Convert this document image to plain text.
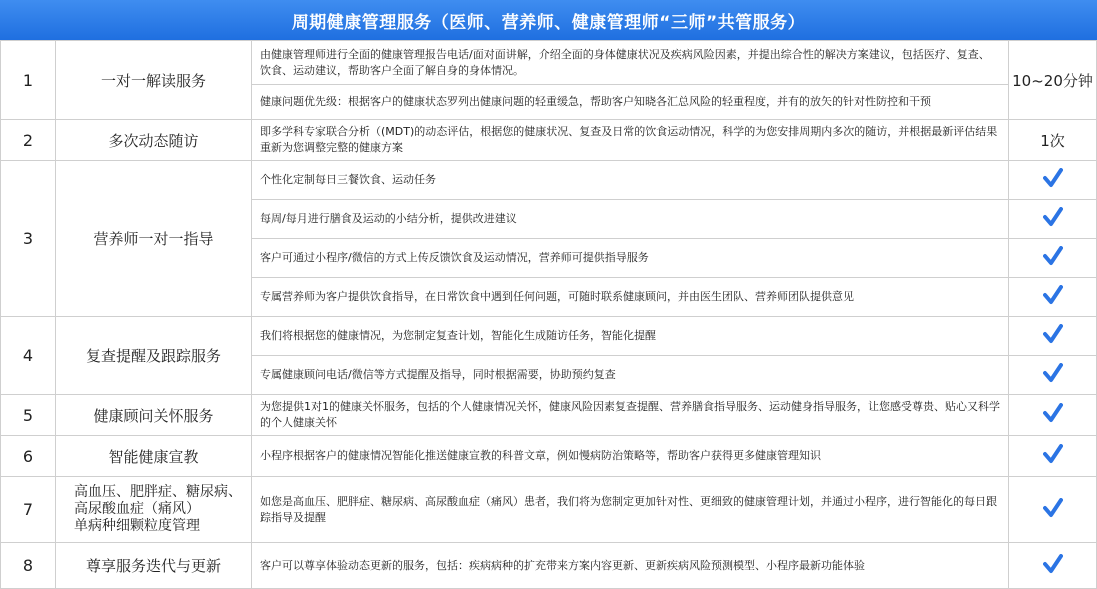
周期健康管理服务（医师、营养师、健康管理师“三师”共管服务）
1	一对一解读服务	由健康管理师进行全面的健康管理报告电话/面对面讲解，介绍全面的身体健康状况及疾病风险因素，并提出综合性的解决方案建议，包括医疗、复查、饮食、运动建议，帮助客户全面了解自身的身体情况。	10~20分钟
		健康问题优先级：根据客户的健康状态罗列出健康问题的轻重缓急，帮助客户知晓各汇总风险的轻重程度，并有的放矢的针对性防控和干预	
2	多次动态随访	即多学科专家联合分析（(MDT)的动态评估，根据您的健康状况、复查及日常的饮食运动情况，科学的为您安排周期内多次的随访，并根据最新评估结果重新为您调整完整的健康方案	1次
3	营养师一对一指导	个性化定制每日三餐饮食、运动任务	
		每周/每月进行膳食及运动的小结分析，提供改进建议	
		客户可通过小程序/微信的方式上传反馈饮食及运动情况，营养师可提供指导服务	
		专属营养师为客户提供饮食指导，在日常饮食中遇到任何问题，可随时联系健康顾问，并由医生团队、营养师团队提供意见	
4	复查提醒及跟踪服务	我们将根据您的健康情况，为您制定复查计划，智能化生成随访任务，智能化提醒	
		专属健康顾问电话/微信等方式提醒及指导，同时根据需要，协助预约复查	
5	健康顾问关怀服务	为您提供1对1的健康关怀服务，包括的个人健康情况关怀，健康风险因素复查提醒、营养膳食指导服务、运动健身指导服务，让您感受尊贵、贴心又科学的个人健康关怀	
6	智能健康宣教	小程序根据客户的健康情况智能化推送健康宣教的科普文章，例如慢病防治策略等，帮助客户获得更多健康管理知识	
7	高血压、肥胖症、糖尿病、
高尿酸血症（痛风）
单病种细颗粒度管理	如您是高血压、肥胖症、糖尿病、高尿酸血症（痛风）患者，我们将为您制定更加针对性、更细致的健康管理计划，并通过小程序，进行智能化的每日跟踪指导及提醒	
8	尊享服务迭代与更新	客户可以尊享体验动态更新的服务，包括：疾病病种的扩充带来方案内容更新、更新疾病风险预测模型、小程序最新功能体验	
